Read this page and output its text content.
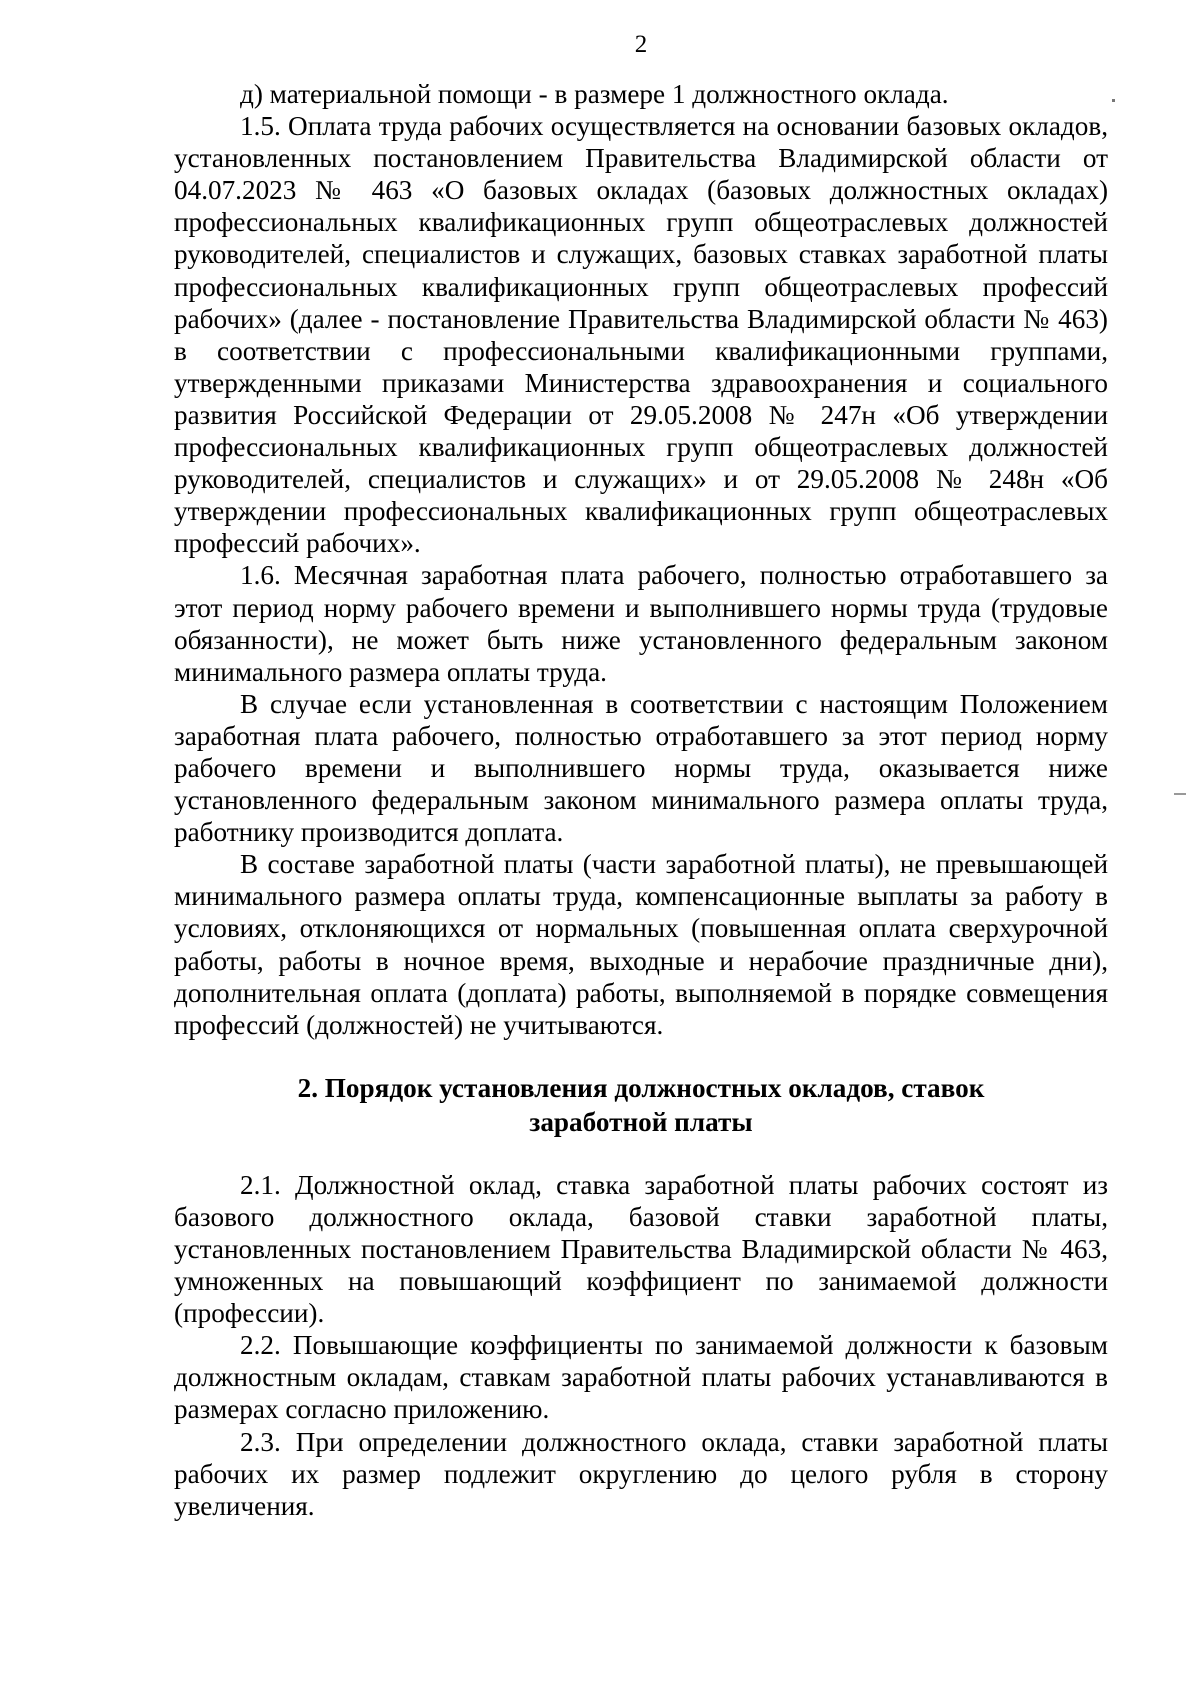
2

д) материальной помощи - в размере 1 должностного оклада.

1.5. Оплата труда рабочих осуществляется на основании базовых окладов, установленных постановлением Правительства Владимирской области от 04.07.2023 № 463 «О базовых окладах (базовых должностных окладах) профессиональных квалификационных групп общеотраслевых должностей руководителей, специалистов и служащих, базовых ставках заработной платы профессиональных квалификационных групп общеотраслевых профессий рабочих» (далее - постановление Правительства Владимирской области № 463) в соответствии с профессиональными квалификационными группами, утвержденными приказами Министерства здравоохранения и социального развития Российской Федерации от 29.05.2008 № 247н «Об утверждении профессиональных квалификационных групп общеотраслевых должностей руководителей, специалистов и служащих» и от 29.05.2008 № 248н «Об утверждении профессиональных квалификационных групп общеотраслевых профессий рабочих».

1.6. Месячная заработная плата рабочего, полностью отработавшего за этот период норму рабочего времени и выполнившего нормы труда (трудовые обязанности), не может быть ниже установленного федеральным законом минимального размера оплаты труда.

В случае если установленная в соответствии с настоящим Положением заработная плата рабочего, полностью отработавшего за этот период норму рабочего времени и выполнившего нормы труда, оказывается ниже установленного федеральным законом минимального размера оплаты труда, работнику производится доплата.

В составе заработной платы (части заработной платы), не превышающей минимального размера оплаты труда, компенсационные выплаты за работу в условиях, отклоняющихся от нормальных (повышенная оплата сверхурочной работы, работы в ночное время, выходные и нерабочие праздничные дни), дополнительная оплата (доплата) работы, выполняемой в порядке совмещения профессий (должностей) не учитываются.

2. Порядок установления должностных окладов, ставок
заработной платы

2.1. Должностной оклад, ставка заработной платы рабочих состоят из базового должностного оклада, базовой ставки заработной платы, установленных постановлением Правительства Владимирской области № 463, умноженных на повышающий коэффициент по занимаемой должности (профессии).

2.2. Повышающие коэффициенты по занимаемой должности к базовым должностным окладам, ставкам заработной платы рабочих устанавливаются в размерах согласно приложению.

2.3. При определении должностного оклада, ставки заработной платы рабочих их размер подлежит округлению до целого рубля в сторону увеличения.
